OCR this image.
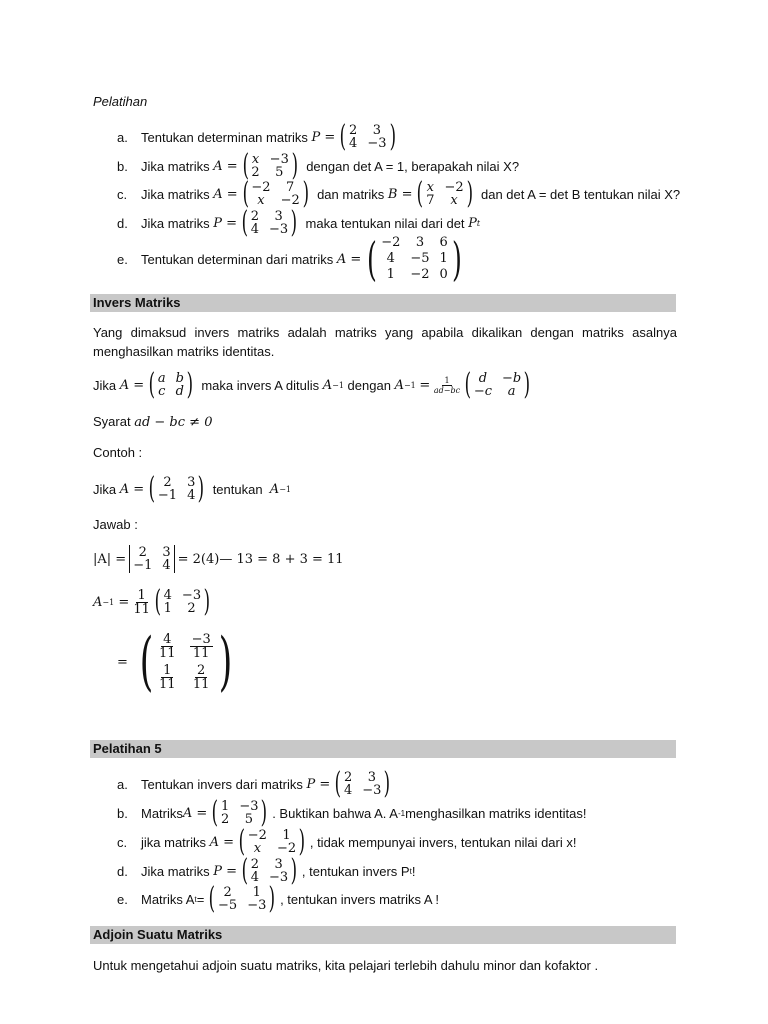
Pelatihan
a. Tentukan determinan matriks
P = ( 2	3
4 −3 )
b. Jika matriks
A = ( x −3
2	5 )
dengan det A = 1, berapakah nilai X?
c. Jika matriks
A = ( −2	7
x	−2 )
dan matriks
B = ( x −2
7	x )
dan det A = det B tentukan nilai X?
d. Jika matriks
P = ( 2	3
4 −3 )
maka tentukan nilai dari det
P t
e. Tentukan determinan dari matriks
A = ( −2	3	6
4	−5 1
1	−2 0 )
Invers Matriks
Yang dimaksud invers matriks adalah matriks yang apabila dikalikan dengan matriks asalnya menghasilkan matriks identitas.
Jika
A = ( a b
c d )
maka invers A ditulis
A −1
dengan
A −1
=
$\frac{1}{ad-bc}$ ( d	−b
−c	a )
Syarat ad − bc ≠ 0
Contoh :
Jika
A = ( 2	3
−1 4 )
tentukan
A −1
Jawab :
|A| = 2	3
−1 4 = 2(4)— 13 = 8 + 3 = 11
A −1
=
$\frac{1}{11}$ ( 4 −3
1	2 )
=
( $\frac{4}{11} \frac{-3}{11}$
$\frac{1}{11} \frac{2}{11}$ )
Pelatihan 5
a. Tentukan invers dari matriks
P = ( 2	3
4 −3 )
b. Matriks A = ( 1 −3
2	5 ) . Buktikan bahwa A. A -1 menghasilkan matriks identitas!
c. jika matriks
A = ( −2	1
x	−2 ) , tidak mempunyai invers, tentukan nilai dari x!
d. Jika matriks
P = ( 2	3
4 −3 ) , tentukan invers P t !
e. Matriks A t = ( 2	1
−5 −3 ) , tentukan invers matriks A !
Adjoin Suatu Matriks
Untuk mengetahui adjoin suatu matriks, kita pelajari terlebih dahulu minor dan kofaktor .
